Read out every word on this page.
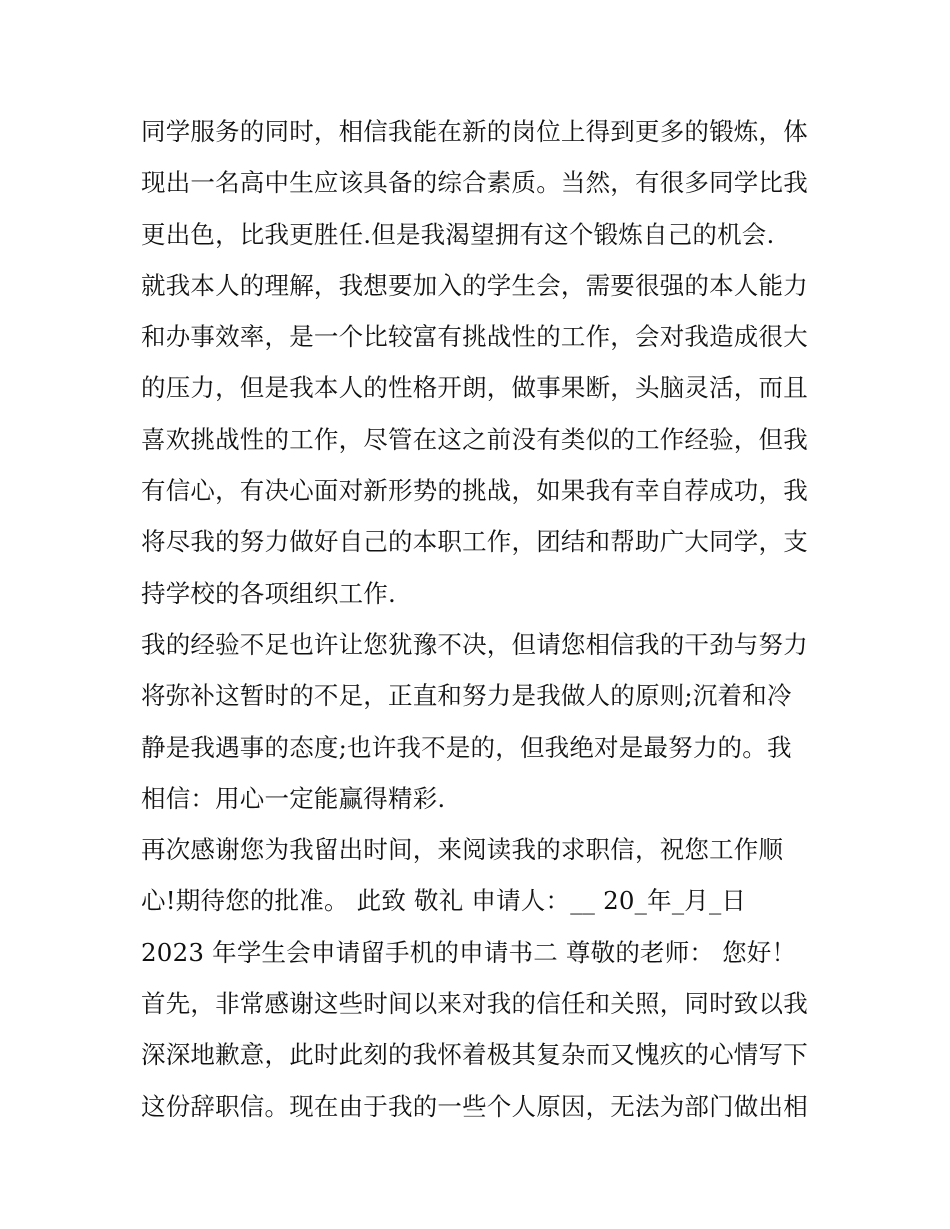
同学服务的同时，相信我能在新的岗位上得到更多的锻炼，体
现出一名高中生应该具备的综合素质。当然，有很多同学比我
更出色，比我更胜任.但是我渴望拥有这个锻炼自己的机会.
就我本人的理解，我想要加入的学生会，需要很强的本人能力
和办事效率，是一个比较富有挑战性的工作，会对我造成很大
的压力，但是我本人的性格开朗，做事果断，头脑灵活，而且
喜欢挑战性的工作，尽管在这之前没有类似的工作经验，但我
有信心，有决心面对新形势的挑战，如果我有幸自荐成功，我
将尽我的努力做好自己的本职工作，团结和帮助广大同学，支
持学校的各项组织工作.
我的经验不足也许让您犹豫不决，但请您相信我的干劲与努力
将弥补这暂时的不足，正直和努力是我做人的原则;沉着和冷
静是我遇事的态度;也许我不是的，但我绝对是最努力的。我
相信：用心一定能赢得精彩.
再次感谢您为我留出时间，来阅读我的求职信，祝您工作顺
心!期待您的批准。 此致 敬礼 申请人：__ 20_年_月_日
2023 年学生会申请留手机的申请书二 尊敬的老师： 您好！
首先，非常感谢这些时间以来对我的信任和关照，同时致以我
深深地歉意，此时此刻的我怀着极其复杂而又愧疚的心情写下
这份辞职信。现在由于我的一些个人原因，无法为部门做出相
